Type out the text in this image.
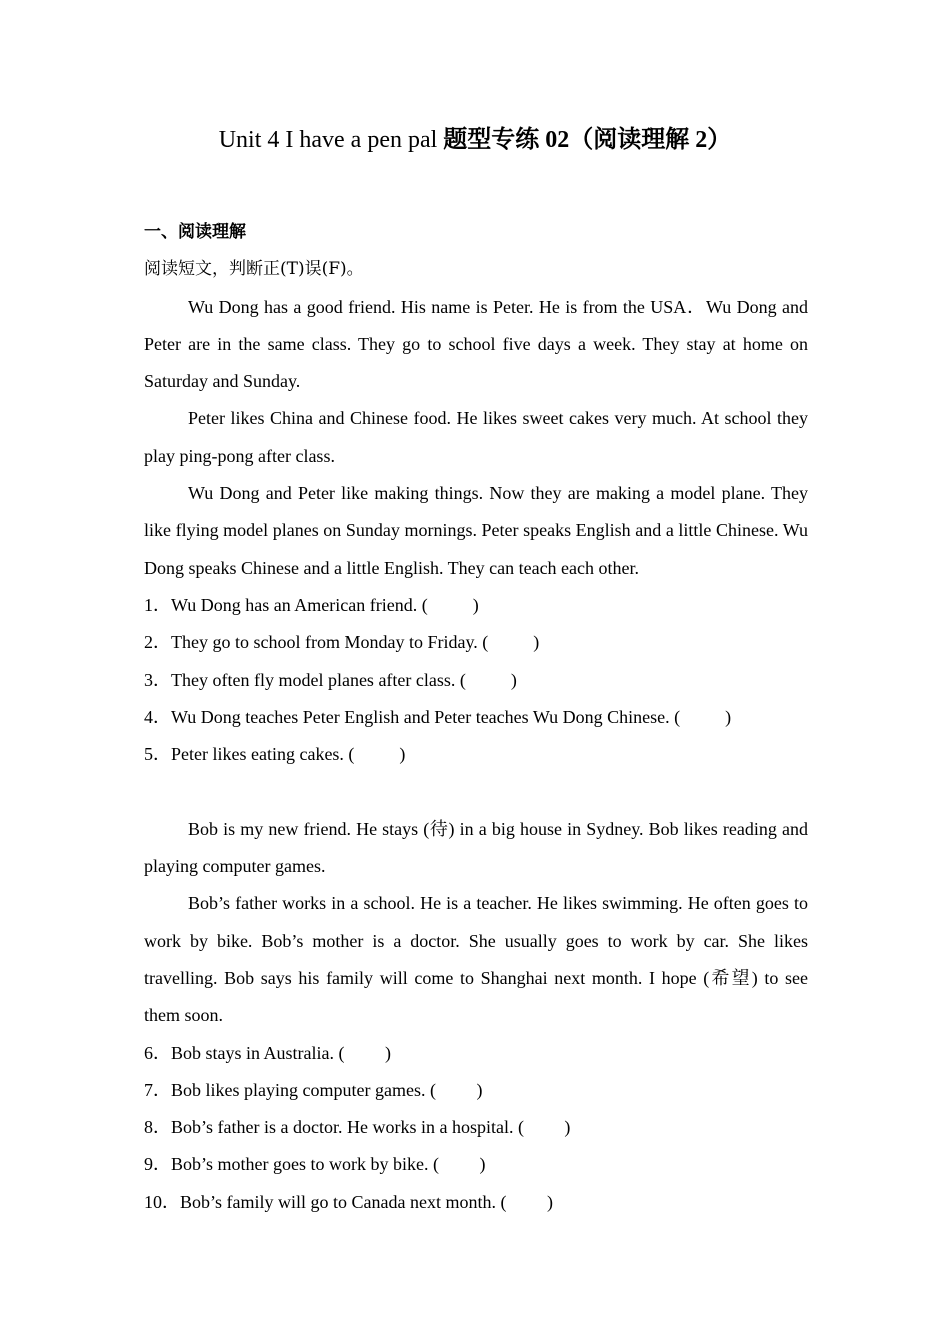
Unit 4 I have a pen pal 题型专练 02（阅读理解 2）
一、阅读理解
阅读短文，判断正(T)误(F)。

Wu Dong has a good friend. His name is Peter. He is from the USA．Wu Dong and Peter are in the same class. They go to school five days a week. They stay at home on Saturday and Sunday.

Peter likes China and Chinese food. He likes sweet cakes very much. At school they play ping-pong after class.

Wu Dong and Peter like making things. Now they are making a model plane. They like flying model planes on Sunday mornings. Peter speaks English and a little Chinese. Wu Dong speaks Chinese and a little English. They can teach each other.

1．Wu Dong has an American friend. (          )
2．They go to school from Monday to Friday. (          )
3．They often fly model planes after class. (          )
4．Wu Dong teaches Peter English and Peter teaches Wu Dong Chinese. (          )
5．Peter likes eating cakes. (          )

Bob is my new friend. He stays (待) in a big house in Sydney. Bob likes reading and playing computer games.

Bob’s father works in a school. He is a teacher. He likes swimming. He often goes to work by bike. Bob’s mother is a doctor. She usually goes to work by car. She likes travelling. Bob says his family will come to Shanghai next month. I hope (希望) to see them soon.

6．Bob stays in Australia. (         )
7．Bob likes playing computer games. (         )
8．Bob’s father is a doctor. He works in a hospital. (         )
9．Bob’s mother goes to work by bike. (         )
10．Bob’s family will go to Canada next month. (         )
